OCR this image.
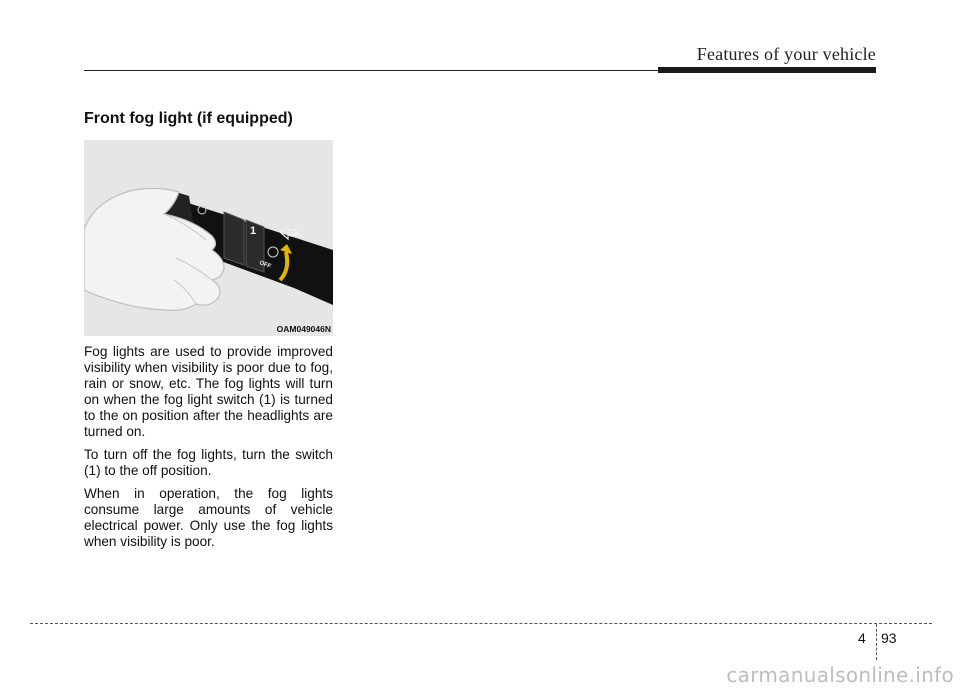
Features of your vehicle
Front fog light (if equipped)
1
OFF
OAM049046N

Fog lights are used to provide improved visibility when visibility is poor due to fog, rain or snow, etc. The fog lights will turn on when the fog light switch (1) is turned to the on position after the headlights are turned on.

To turn off the fog lights, turn the switch (1) to the off position.

When in operation, the fog lights consume large amounts of vehicle electrical power. Only use the fog lights when visibility is poor.

4 93
carmanualsonline.info
